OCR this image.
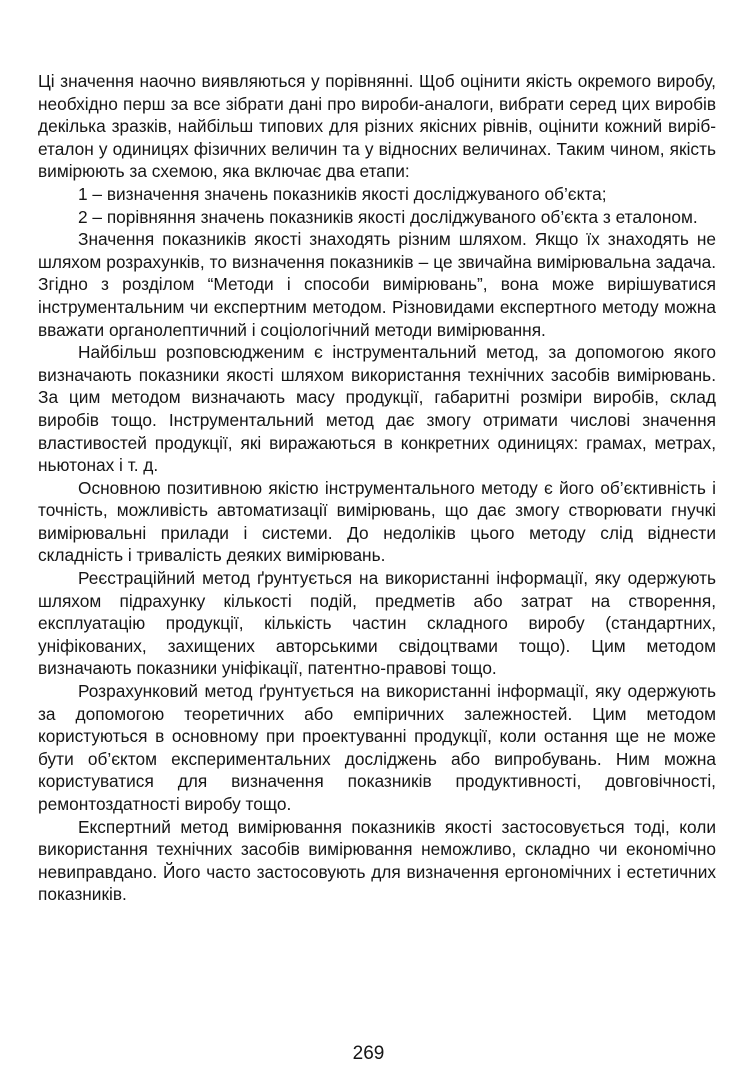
Ці значення наочно виявляються у порівнянні. Щоб оцінити якість окремого виробу, необхідно перш за все зібрати дані про вироби-аналоги, вибрати серед цих виробів декілька зразків, найбільш типових для різних якісних рівнів, оцінити кожний виріб-еталон у одиницях фізичних величин та у відносних величинах. Таким чином, якість вимірюють за схемою, яка включає два етапи:

1 – визначення значень показників якості досліджуваного об’єкта;

2 – порівняння значень показників якості досліджуваного об’єкта з еталоном.

Значення показників якості знаходять різним шляхом. Якщо їх знаходять не шляхом розрахунків, то визначення показників – це звичайна вимірювальна задача. Згідно з розділом “Методи і способи вимірювань”, вона може вирішуватися інструментальним чи експертним методом. Різновидами експертного методу можна вважати органолептичний і соціологічний методи вимірювання.

Найбільш розповсюдженим є інструментальний метод, за допомогою якого визначають показники якості шляхом використання технічних засобів вимірювань. За цим методом визначають масу продукції, габаритні розміри виробів, склад виробів тощо. Інструментальний метод дає змогу отримати числові значення властивостей продукції, які виражаються в конкретних одиницях: грамах, метрах, ньютонах і т. д.

Основною позитивною якістю інструментального методу є його об’єктивність і точність, можливість автоматизації вимірювань, що дає змогу створювати гнучкі вимірювальні прилади і системи. До недоліків цього методу слід віднести складність і тривалість деяких вимірювань.

Реєстраційний метод ґрунтується на використанні інформації, яку одержують шляхом підрахунку кількості подій, предметів або затрат на створення, експлуатацію продукції, кількість частин складного виробу (стандартних, уніфікованих, захищених авторськими свідоцтвами тощо). Цим методом визначають показники уніфікації, патентно-правові тощо.

Розрахунковий метод ґрунтується на використанні інформації, яку одержують за допомогою теоретичних або емпіричних залежностей. Цим методом користуються в основному при проектуванні продукції, коли остання ще не може бути об’єктом експериментальних досліджень або випробувань. Ним можна користуватися для визначення показників продуктивності, довговічності, ремонтоздатності виробу тощо.

Експертний метод вимірювання показників якості застосовується тоді, коли використання технічних засобів вимірювання неможливо, складно чи економічно невиправдано. Його часто застосовують для визначення ергономічних і естетичних показників.

269
